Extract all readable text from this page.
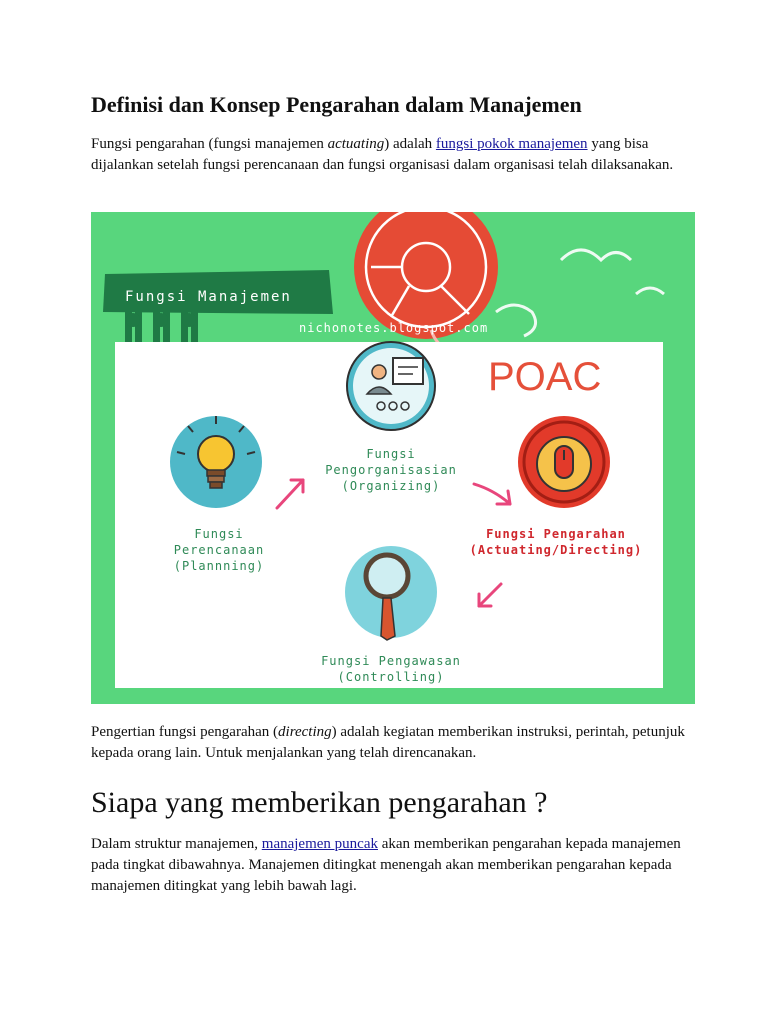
Definisi dan Konsep Pengarahan dalam Manajemen

Fungsi pengarahan (fungsi manajemen actuating) adalah fungsi pokok manajemen yang bisa dijalankan setelah fungsi perencanaan dan fungsi organisasi dalam organisasi telah dilaksanakan.

Fungsi Manajemen
nichonotes.blogspot.com
POAC
Fungsi
Pengorganisasian
(Organizing)
Fungsi
Perencanaan
(Plannning)
Fungsi Pengarahan
(Actuating/Directing)
Fungsi Pengawasan
(Controlling)

Pengertian fungsi pengarahan (directing) adalah kegiatan memberikan instruksi, perintah, petunjuk kepada orang lain. Untuk menjalankan yang telah direncanakan.

Siapa yang memberikan pengarahan ?

Dalam struktur manajemen, manajemen puncak akan memberikan pengarahan kepada manajemen pada tingkat dibawahnya. Manajemen ditingkat menengah akan memberikan pengarahan kepada manajemen ditingkat yang lebih bawah lagi.
